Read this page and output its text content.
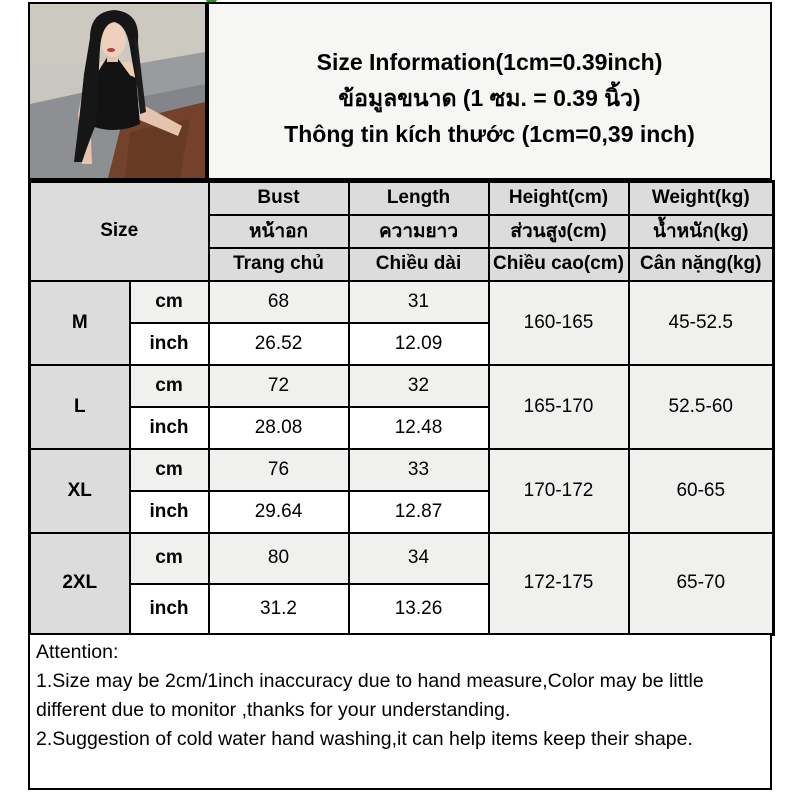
Size Information(1cm=0.39inch)
ข้อมูลขนาด (1 ซม. = 0.39 นิ้ว)
Thông tin kích thước (1cm=0,39 inch)
Size		Bust	Length	Height(cm)	Weight(kg)
		หน้าอก	ความยาว	ส่วนสูง(cm)	น้ำหนัก(kg)
		Trang chủ	Chiều dài	Chiều cao(cm)	Cân nặng(kg)
M	cm	68	31	160-165	45-52.5
	inch	26.52	12.09		
L	cm	72	32	165-170	52.5-60
	inch	28.08	12.48		
XL	cm	76	33	170-172	60-65
	inch	29.64	12.87		
2XL	cm	80	34	172-175	65-70
	inch	31.2	13.26		
Attention:
1.Size may be 2cm/1inch inaccuracy due to hand measure,Color may be little different due to monitor ,thanks for your understanding.
2.Suggestion of cold water hand washing,it can help items keep their shape.
